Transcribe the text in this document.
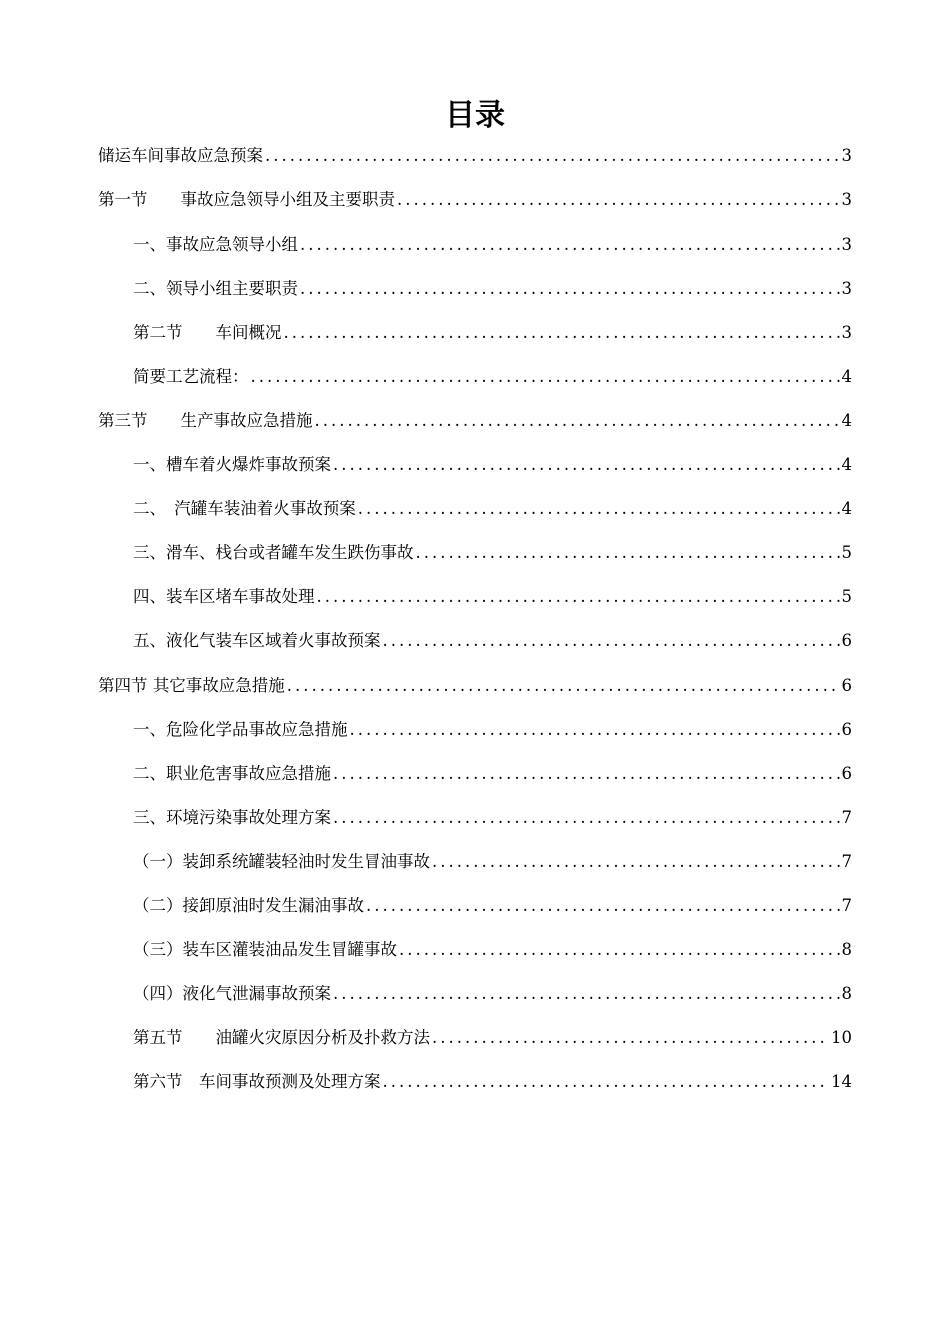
目录
储运车间事故应急预案 .....	3
第一节　　事故应急领导小组及主要职责 .....	3
一、事故应急领导小组 .....	3
二、领导小组主要职责 .....	3
第二节　　车间概况 .....	3
简要工艺流程： .....	4
第三节　　生产事故应急措施 .....	4
一、槽车着火爆炸事故预案 .....	4
二、　汽罐车装油着火事故预案 .....	4
三、滑车、栈台或者罐车发生跌伤事故 .....	5
四、装车区堵车事故处理 .....	5
五、液化气装车区域着火事故预案 .....	6
第四节 其它事故应急措施 .....	6
一、危险化学品事故应急措施 .....	6
二、职业危害事故应急措施 .....	6
三、环境污染事故处理方案 .....	7
（一）装卸系统罐装轻油时发生冒油事故 .....	7
（二）接卸原油时发生漏油事故 .....	7
（三）装车区灌装油品发生冒罐事故 .....	8
（四）液化气泄漏事故预案 .....	8
第五节　　油罐火灾原因分析及扑救方法 .....	10
第六节　车间事故预测及处理方案 .....	14
